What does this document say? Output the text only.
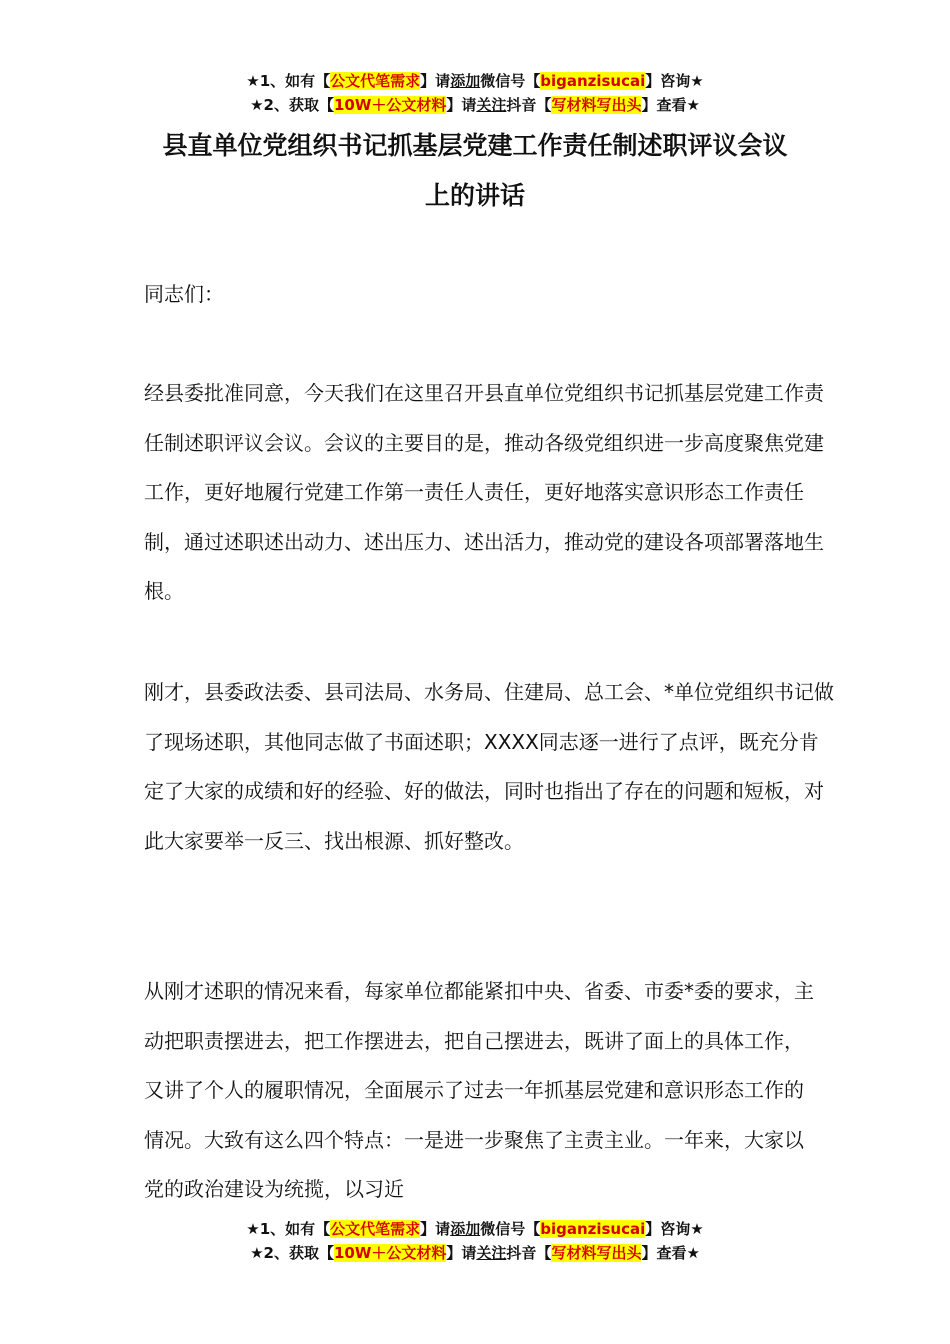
★1、如有【公文代笔需求】请添加微信号【biganzisucai】咨询★
★2、获取【10W＋公文材料】请关注抖音【写材料写出头】查看★
县直单位党组织书记抓基层党建工作责任制述职评议会议
上的讲话

同志们：

经县委批准同意，今天我们在这里召开县直单位党组织书记抓基层党建工作责任制述职评议会议。会议的主要目的是，推动各级党组织进一步高度聚焦党建工作，更好地履行党建工作第一责任人责任，更好地落实意识形态工作责任制，通过述职述出动力、述出压力、述出活力，推动党的建设各项部署落地生根。

刚才，县委政法委、县司法局、水务局、住建局、总工会、*单位党组织书记做了现场述职，其他同志做了书面述职；XXXX同志逐一进行了点评，既充分肯定了大家的成绩和好的经验、好的做法，同时也指出了存在的问题和短板，对此大家要举一反三、找出根源、抓好整改。

从刚才述职的情况来看，每家单位都能紧扣中央、省委、市委*委的要求，主动把职责摆进去，把工作摆进去，把自己摆进去，既讲了面上的具体工作，又讲了个人的履职情况，全面展示了过去一年抓基层党建和意识形态工作的情况。大致有这么四个特点：一是进一步聚焦了主责主业。一年来，大家以党的政治建设为统揽，以习近

★1、如有【公文代笔需求】请添加微信号【biganzisucai】咨询★
★2、获取【10W＋公文材料】请关注抖音【写材料写出头】查看★
